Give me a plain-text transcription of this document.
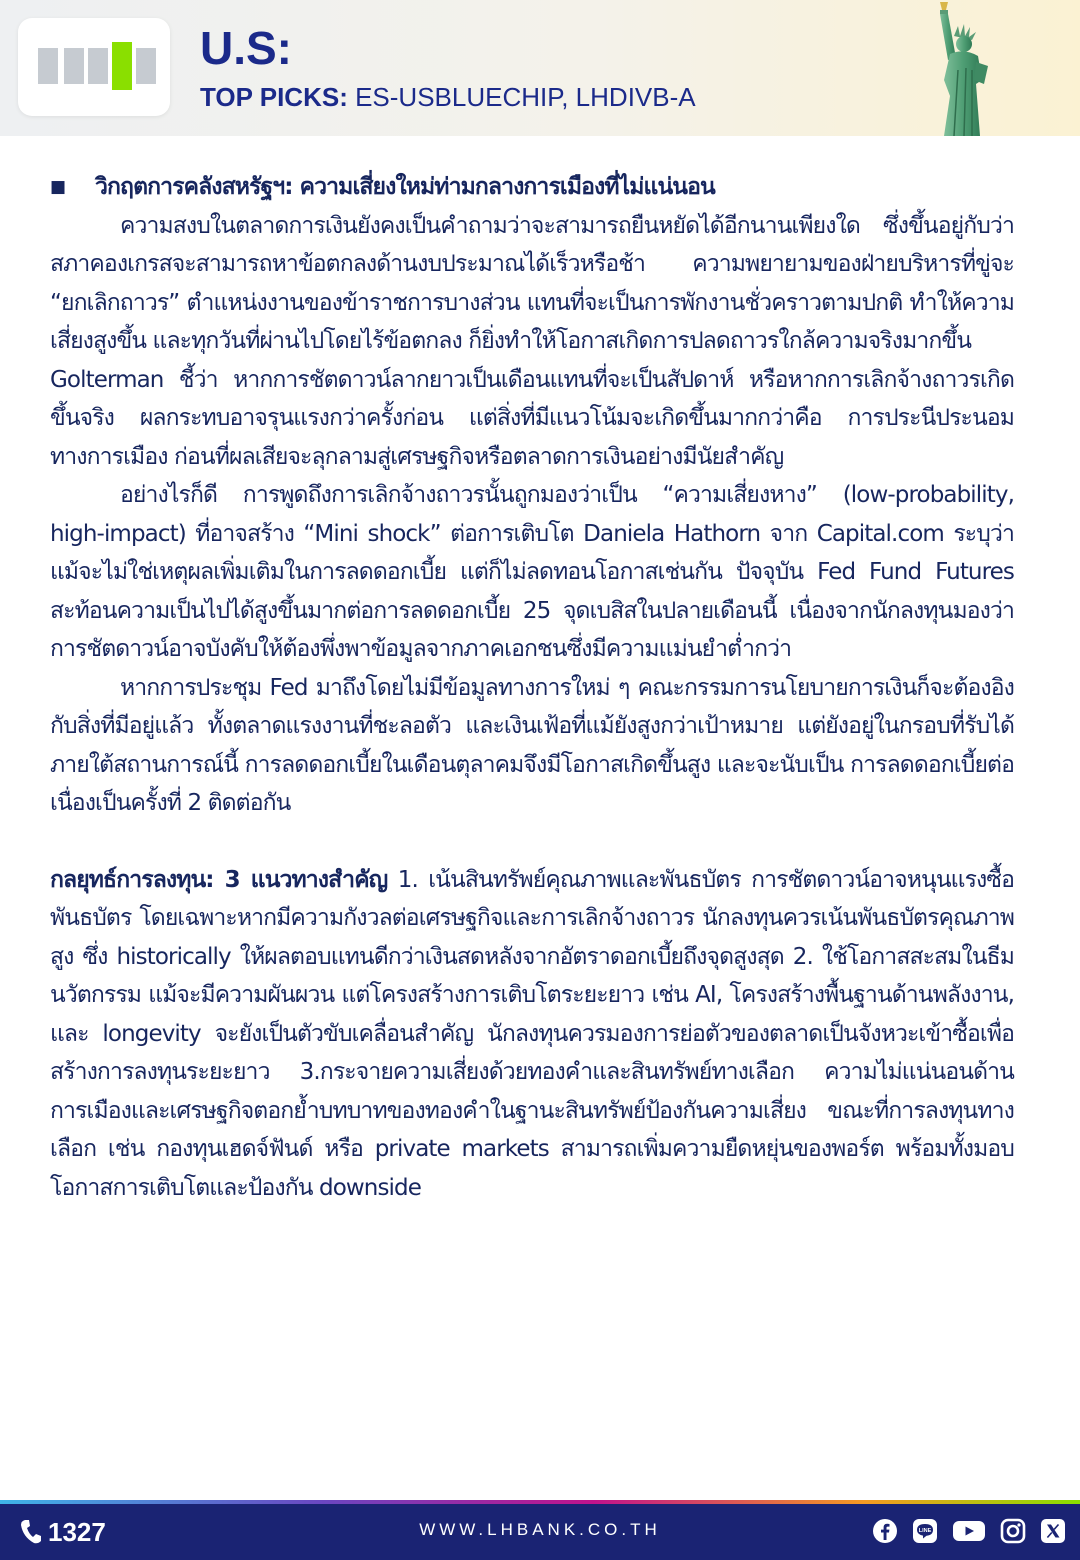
U.S:
TOP PICKS: ES-USBLUECHIP, LHDIVB-A

■ วิกฤตการคลังสหรัฐฯ: ความเสี่ยงใหม่ท่ามกลางการเมืองที่ไม่แน่นอน

ความสงบในตลาดการเงินยังคงเป็นคำถามว่าจะสามารถยืนหยัดได้อีกนานเพียงใด ซึ่งขึ้นอยู่กับว่าสภาคองเกรสจะสามารถหาข้อตกลงด้านงบประมาณได้เร็วหรือช้า ความพยายามของฝ่ายบริหารที่ขู่จะ “ยกเลิกถาวร” ตำแหน่งงานของข้าราชการบางส่วน แทนที่จะเป็นการพักงานชั่วคราวตามปกติ ทำให้ความเสี่ยงสูงขึ้น และทุกวันที่ผ่านไปโดยไร้ข้อตกลง ก็ยิ่งทำให้โอกาสเกิดการปลดถาวรใกล้ความจริงมากขึ้น

Golterman ชี้ว่า หากการชัตดาวน์ลากยาวเป็นเดือนแทนที่จะเป็นสัปดาห์ หรือหากการเลิกจ้างถาวรเกิดขึ้นจริง ผลกระทบอาจรุนแรงกว่าครั้งก่อน แต่สิ่งที่มีแนวโน้มจะเกิดขึ้นมากกว่าคือ การประนีประนอมทางการเมือง ก่อนที่ผลเสียจะลุกลามสู่เศรษฐกิจหรือตลาดการเงินอย่างมีนัยสำคัญ

อย่างไรก็ดี การพูดถึงการเลิกจ้างถาวรนั้นถูกมองว่าเป็น “ความเสี่ยงหาง” (low-probability, high-impact) ที่อาจสร้าง “Mini shock” ต่อการเติบโต Daniela Hathorn จาก Capital.com ระบุว่า แม้จะไม่ใช่เหตุผลเพิ่มเติมในการลดดอกเบี้ย แต่ก็ไม่ลดทอนโอกาสเช่นกัน ปัจจุบัน Fed Fund Futures สะท้อนความเป็นไปได้สูงขึ้นมากต่อการลดดอกเบี้ย 25 จุดเบสิสในปลายเดือนนี้ เนื่องจากนักลงทุนมองว่าการชัตดาวน์อาจบังคับให้ต้องพึ่งพาข้อมูลจากภาคเอกชนซึ่งมีความแม่นยำต่ำกว่า

หากการประชุม Fed มาถึงโดยไม่มีข้อมูลทางการใหม่ ๆ คณะกรรมการนโยบายการเงินก็จะต้องอิงกับสิ่งที่มีอยู่แล้ว ทั้งตลาดแรงงานที่ชะลอตัว และเงินเฟ้อที่แม้ยังสูงกว่าเป้าหมาย แต่ยังอยู่ในกรอบที่รับได้ ภายใต้สถานการณ์นี้ การลดดอกเบี้ยในเดือนตุลาคมจึงมีโอกาสเกิดขึ้นสูง และจะนับเป็น การลดดอกเบี้ยต่อเนื่องเป็นครั้งที่ 2 ติดต่อกัน

กลยุทธ์การลงทุน: 3 แนวทางสำคัญ 1. เน้นสินทรัพย์คุณภาพและพันธบัตร การชัตดาวน์อาจหนุนแรงซื้อพันธบัตร โดยเฉพาะหากมีความกังวลต่อเศรษฐกิจและการเลิกจ้างถาวร นักลงทุนควรเน้นพันธบัตรคุณภาพสูง ซึ่ง historically ให้ผลตอบแทนดีกว่าเงินสดหลังจากอัตราดอกเบี้ยถึงจุดสูงสุด 2. ใช้โอกาสสะสมในธีมนวัตกรรม แม้จะมีความผันผวน แต่โครงสร้างการเติบโตระยะยาว เช่น AI, โครงสร้างพื้นฐานด้านพลังงาน, และ longevity จะยังเป็นตัวขับเคลื่อนสำคัญ นักลงทุนควรมองการย่อตัวของตลาดเป็นจังหวะเข้าซื้อเพื่อสร้างการลงทุนระยะยาว 3.กระจายความเสี่ยงด้วยทองคำและสินทรัพย์ทางเลือก ความไม่แน่นอนด้านการเมืองและเศรษฐกิจตอกย้ำบทบาทของทองคำในฐานะสินทรัพย์ป้องกันความเสี่ยง ขณะที่การลงทุนทางเลือก เช่น กองทุนเฮดจ์ฟันด์ หรือ private markets สามารถเพิ่มความยืดหยุ่นของพอร์ต พร้อมทั้งมอบโอกาสการเติบโตและป้องกัน downside

1327	WWW.LHBANK.CO.TH	LINE
